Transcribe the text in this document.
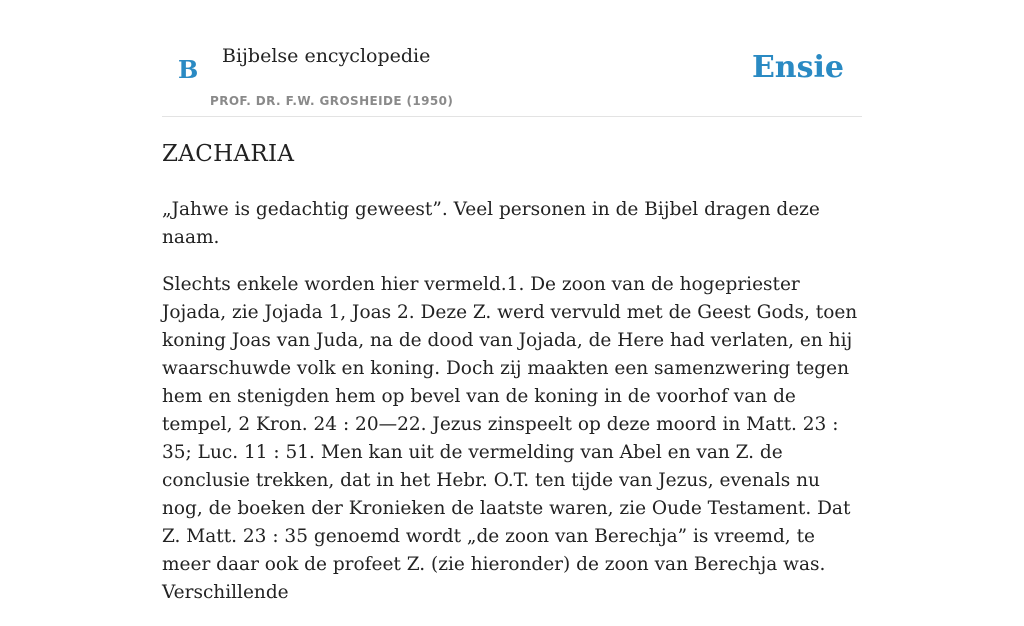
B Bijbelse encyclopedie
PROF. DR. F.W. GROSHEIDE (1950)
Ensie
ZACHARIA

„Jahwe is gedachtig geweest”. Veel personen in de Bijbel dragen deze naam.

Slechts enkele worden hier vermeld.1. De zoon van de hogepriester Jojada, zie Jojada 1, Joas 2. Deze Z. werd vervuld met de Geest Gods, toen koning Joas van Juda, na de dood van Jojada, de Here had verlaten, en hij waarschuwde volk en koning. Doch zij maakten een samenzwering tegen hem en stenigden hem op bevel van de koning in de voorhof van de tempel, 2 Kron. 24 : 20—22. Jezus zinspeelt op deze moord in Matt. 23 : 35; Luc. 11 : 51. Men kan uit de vermelding van Abel en van Z. de conclusie trekken, dat in het Hebr. O.T. ten tijde van Jezus, evenals nu nog, de boeken der Kronieken de laatste waren, zie Oude Testament. Dat Z. Matt. 23 : 35 genoemd wordt „de zoon van Berechja” is vreemd, te meer daar ook de profeet Z. (zie hieronder) de zoon van Berechja was. Verschillende
